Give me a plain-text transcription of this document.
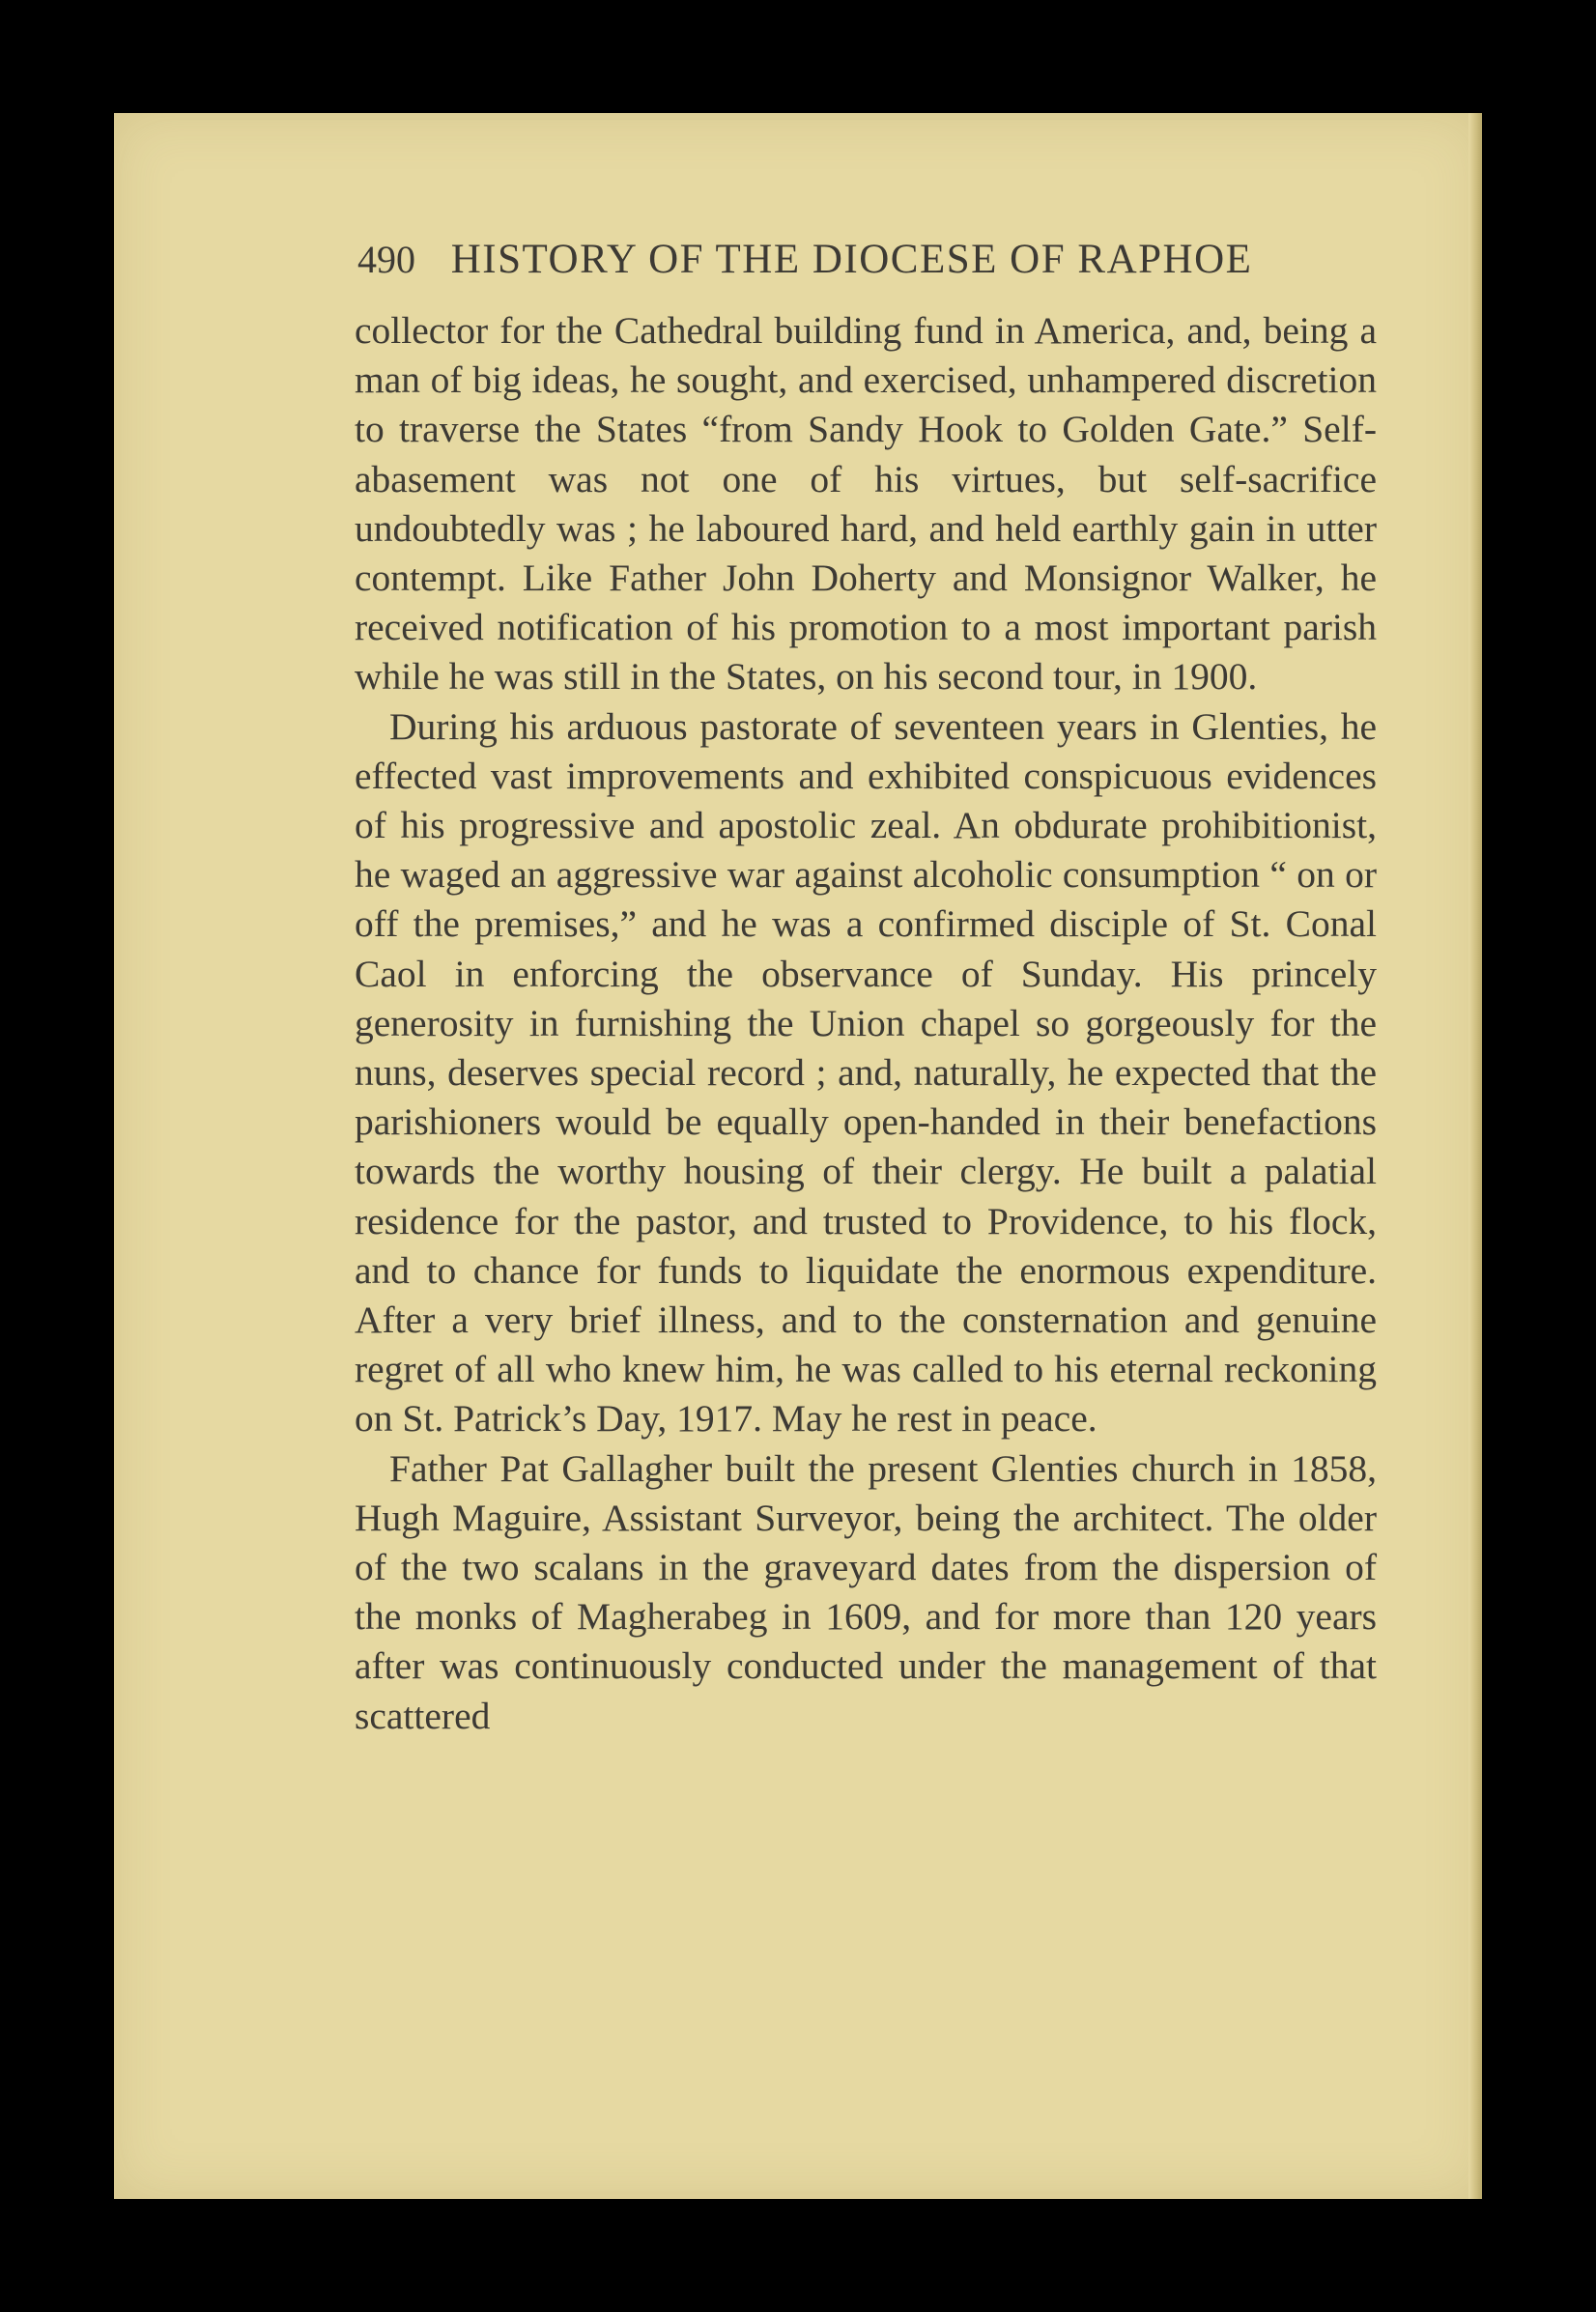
490 HISTORY OF THE DIOCESE OF RAPHOE

collector for the Cathedral building fund in America, and, being a man of big ideas, he sought, and exercised, unhampered discretion to traverse the States “from Sandy Hook to Golden Gate.” Self-abasement was not one of his virtues, but self-sacrifice undoubtedly was ; he laboured hard, and held earthly gain in utter contempt. Like Father John Doherty and Monsignor Walker, he received notification of his promotion to a most important parish while he was still in the States, on his second tour, in 1900.

During his arduous pastorate of seventeen years in Glenties, he effected vast improvements and exhibited conspicuous evidences of his progressive and apostolic zeal. An obdurate prohibitionist, he waged an aggressive war against alcoholic consumption “ on or off the premises,” and he was a confirmed disciple of St. Conal Caol in enforcing the observance of Sunday. His princely generosity in furnishing the Union chapel so gorgeously for the nuns, deserves special record ; and, naturally, he expected that the parishioners would be equally open-handed in their benefactions towards the worthy housing of their clergy. He built a palatial residence for the pastor, and trusted to Providence, to his flock, and to chance for funds to liquidate the enormous expenditure. After a very brief illness, and to the consternation and genuine regret of all who knew him, he was called to his eternal reckoning on St. Patrick’s Day, 1917. May he rest in peace.

Father Pat Gallagher built the present Glenties church in 1858, Hugh Maguire, Assistant Surveyor, being the architect. The older of the two scalans in the graveyard dates from the dispersion of the monks of Magherabeg in 1609, and for more than 120 years after was continuously conducted under the management of that scattered
